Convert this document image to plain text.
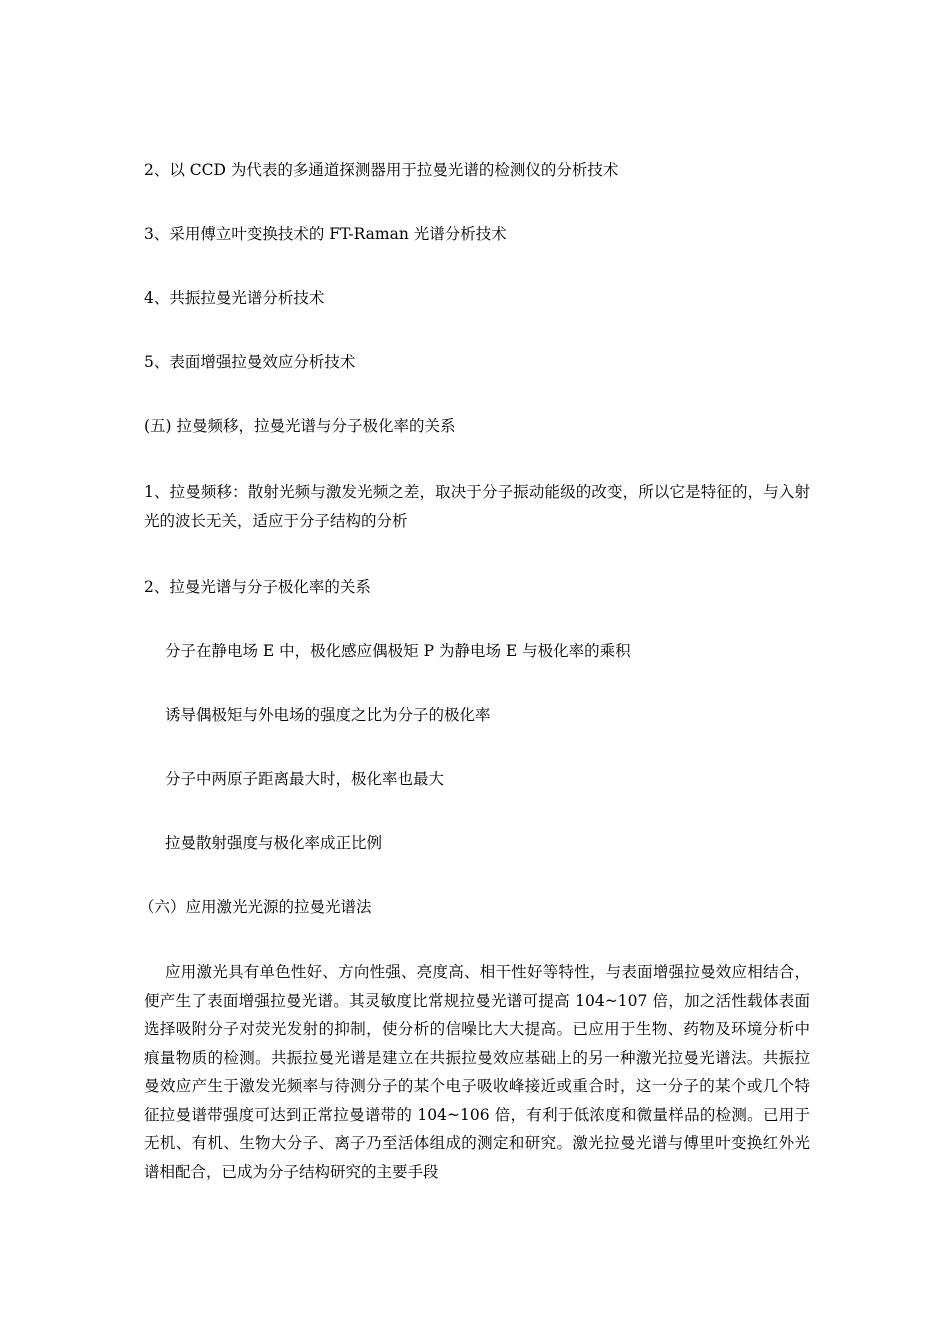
2、以 CCD 为代表的多通道探测器用于拉曼光谱的检测仪的分析技术
3、采用傅立叶变换技术的 FT-Raman 光谱分析技术
4、共振拉曼光谱分析技术
5、表面增强拉曼效应分析技术
(五) 拉曼频移，拉曼光谱与分子极化率的关系
1、拉曼频移：散射光频与激发光频之差，取决于分子振动能级的改变，所以它是特征的，与入射光的波长无关，适应于分子结构的分析
2、拉曼光谱与分子极化率的关系
分子在静电场 E 中，极化感应偶极矩 P 为静电场 E 与极化率的乘积
诱导偶极矩与外电场的强度之比为分子的极化率
分子中两原子距离最大时，极化率也最大
拉曼散射强度与极化率成正比例
（六）应用激光光源的拉曼光谱法
应用激光具有单色性好、方向性强、亮度高、相干性好等特性，与表面增强拉曼效应相结合，便产生了表面增强拉曼光谱。其灵敏度比常规拉曼光谱可提高 104~107 倍，加之活性载体表面选择吸附分子对荧光发射的抑制，使分析的信噪比大大提高。已应用于生物、药物及环境分析中痕量物质的检测。共振拉曼光谱是建立在共振拉曼效应基础上的另一种激光拉曼光谱法。共振拉曼效应产生于激发光频率与待测分子的某个电子吸收峰接近或重合时，这一分子的某个或几个特征拉曼谱带强度可达到正常拉曼谱带的 104~106 倍，有利于低浓度和微量样品的检测。已用于无机、有机、生物大分子、离子乃至活体组成的测定和研究。激光拉曼光谱与傅里叶变换红外光谱相配合，已成为分子结构研究的主要手段
